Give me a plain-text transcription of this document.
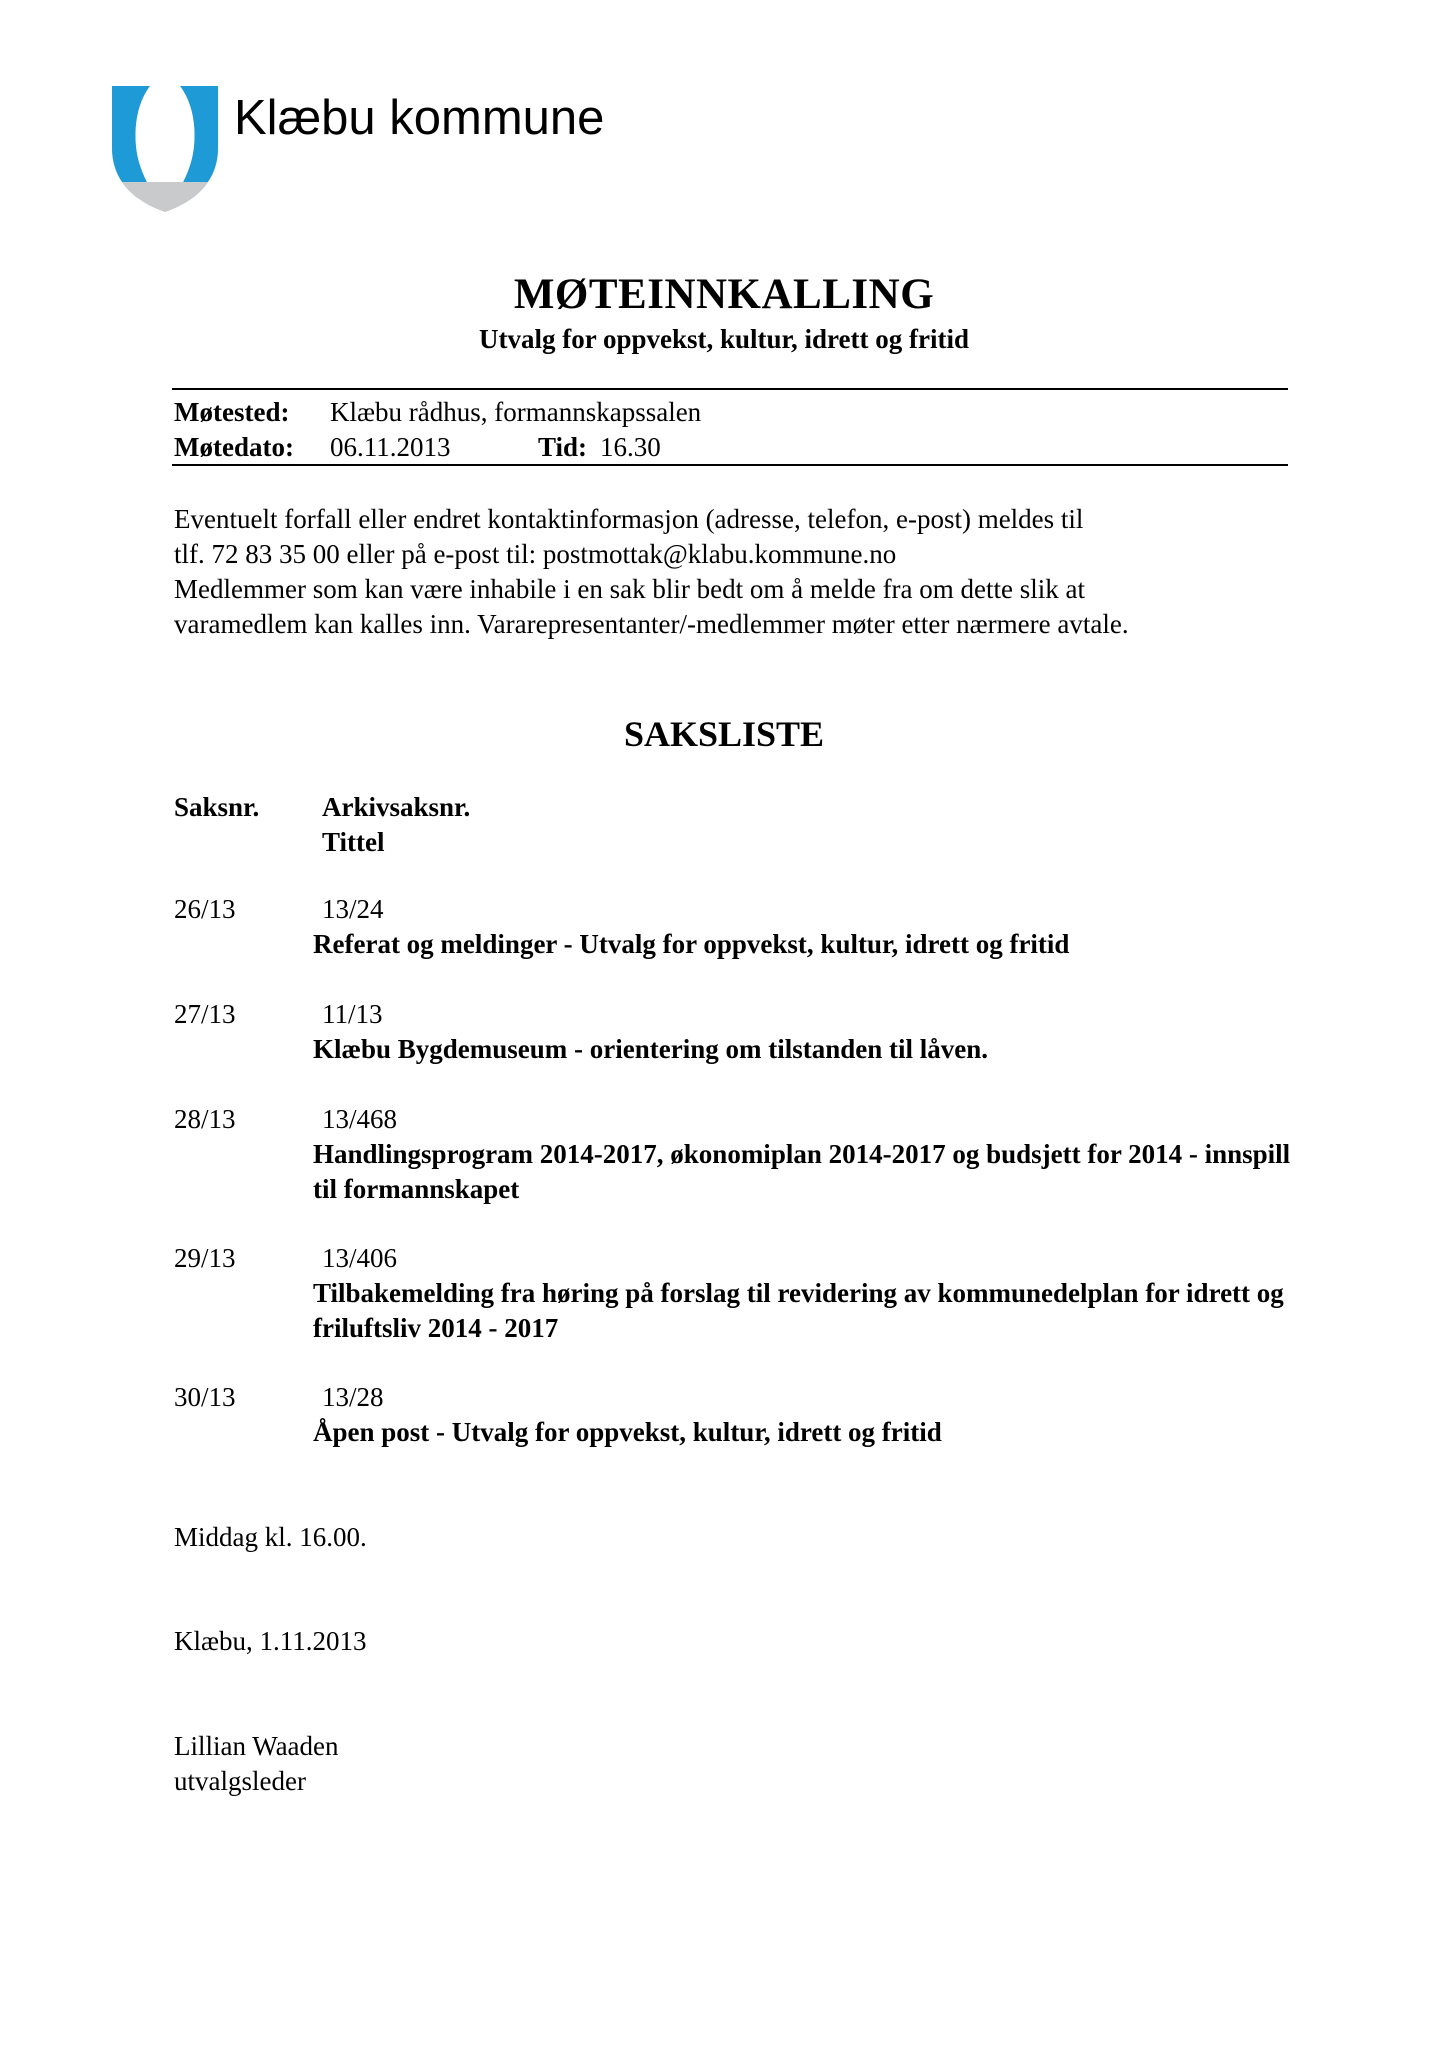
Klæbu kommune
MØTEINNKALLING
Utvalg for oppvekst, kultur, idrett og fritid
Møtested: Klæbu rådhus, formannskapssalen
Møtedato: 06.11.2013	Tid: 16.30
Eventuelt forfall eller endret kontaktinformasjon (adresse, telefon, e-post) meldes til
tlf. 72 83 35 00 eller på e-post til: postmottak@klabu.kommune.no
Medlemmer som kan være inhabile i en sak blir bedt om å melde fra om dette slik at
varamedlem kan kalles inn. Vararepresentanter/-medlemmer møter etter nærmere avtale.
SAKSLISTE
Saksnr. Arkivsaksnr.
Tittel
26/13	13/24
Referat og meldinger - Utvalg for oppvekst, kultur, idrett og fritid
27/13	11/13
Klæbu Bygdemuseum - orientering om tilstanden til låven.
28/13	13/468
Handlingsprogram 2014-2017, økonomiplan 2014-2017 og budsjett for 2014 - innspill til formannskapet
29/13	13/406
Tilbakemelding fra høring på forslag til revidering av kommunedelplan for idrett og friluftsliv 2014 - 2017
30/13	13/28
Åpen post - Utvalg for oppvekst, kultur, idrett og fritid
Middag kl. 16.00.
Klæbu, 1.11.2013
Lillian Waaden
utvalgsleder
